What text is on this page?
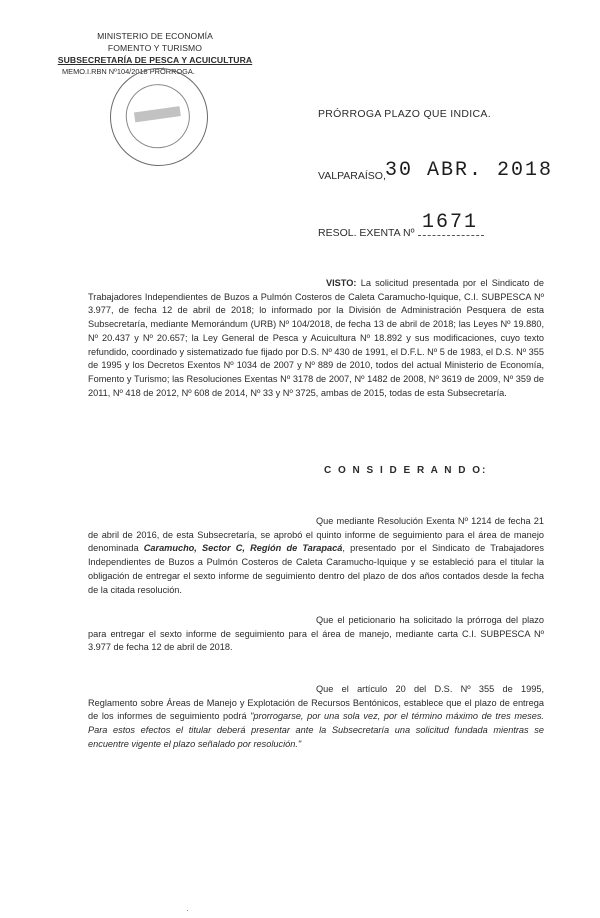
MINISTERIO DE ECONOMÍA
FOMENTO Y TURISMO
SUBSECRETARÍA DE PESCA Y ACUICULTURA
MEMO.I.RBN Nº104/2018 PRÓRROGA.
PRÓRROGA PLAZO QUE INDICA.
VALPARAÍSO, 30 ABR. 2018
RESOL. EXENTA Nº 1671
VISTO: La solicitud presentada por el Sindicato de Trabajadores Independientes de Buzos a Pulmón Costeros de Caleta Caramucho-Iquique, C.I. SUBPESCA Nº 3.977, de fecha 12 de abril de 2018; lo informado por la División de Administración Pesquera de esta Subsecretaría, mediante Memorándum (URB) Nº 104/2018, de fecha 13 de abril de 2018; las Leyes Nº 19.880, Nº 20.437 y Nº 20.657; la Ley General de Pesca y Acuicultura Nº 18.892 y sus modificaciones, cuyo texto refundido, coordinado y sistematizado fue fijado por D.S. Nº 430 de 1991, el D.F.L. Nº 5 de 1983, el D.S. Nº 355 de 1995 y los Decretos Exentos Nº 1034 de 2007 y Nº 889 de 2010, todos del actual Ministerio de Economía, Fomento y Turismo; las Resoluciones Exentas Nº 3178 de 2007, Nº 1482 de 2008, Nº 3619 de 2009, Nº 359 de 2011, Nº 418 de 2012, Nº 608 de 2014, Nº 33 y Nº 3725, ambas de 2015, todas de esta Subsecretaría.
C O N S I D E R A N D O:
Que mediante Resolución Exenta Nº 1214 de fecha 21 de abril de 2016, de esta Subsecretaría, se aprobó el quinto informe de seguimiento para el área de manejo denominada Caramucho, Sector C, Región de Tarapacá, presentado por el Sindicato de Trabajadores Independientes de Buzos a Pulmón Costeros de Caleta Caramucho-Iquique y se estableció para el titular la obligación de entregar el sexto informe de seguimiento dentro del plazo de dos años contados desde la fecha de la citada resolución.
Que el peticionario ha solicitado la prórroga del plazo para entregar el sexto informe de seguimiento para el área de manejo, mediante carta C.I. SUBPESCA Nº 3.977 de fecha 12 de abril de 2018.
Que el artículo 20 del D.S. Nº 355 de 1995, Reglamento sobre Áreas de Manejo y Explotación de Recursos Bentónicos, establece que el plazo de entrega de los informes de seguimiento podrá "prorrogarse, por una sola vez, por el término máximo de tres meses. Para estos efectos el titular deberá presentar ante la Subsecretaría una solicitud fundada mientras se encuentre vigente el plazo señalado por resolución."
·
